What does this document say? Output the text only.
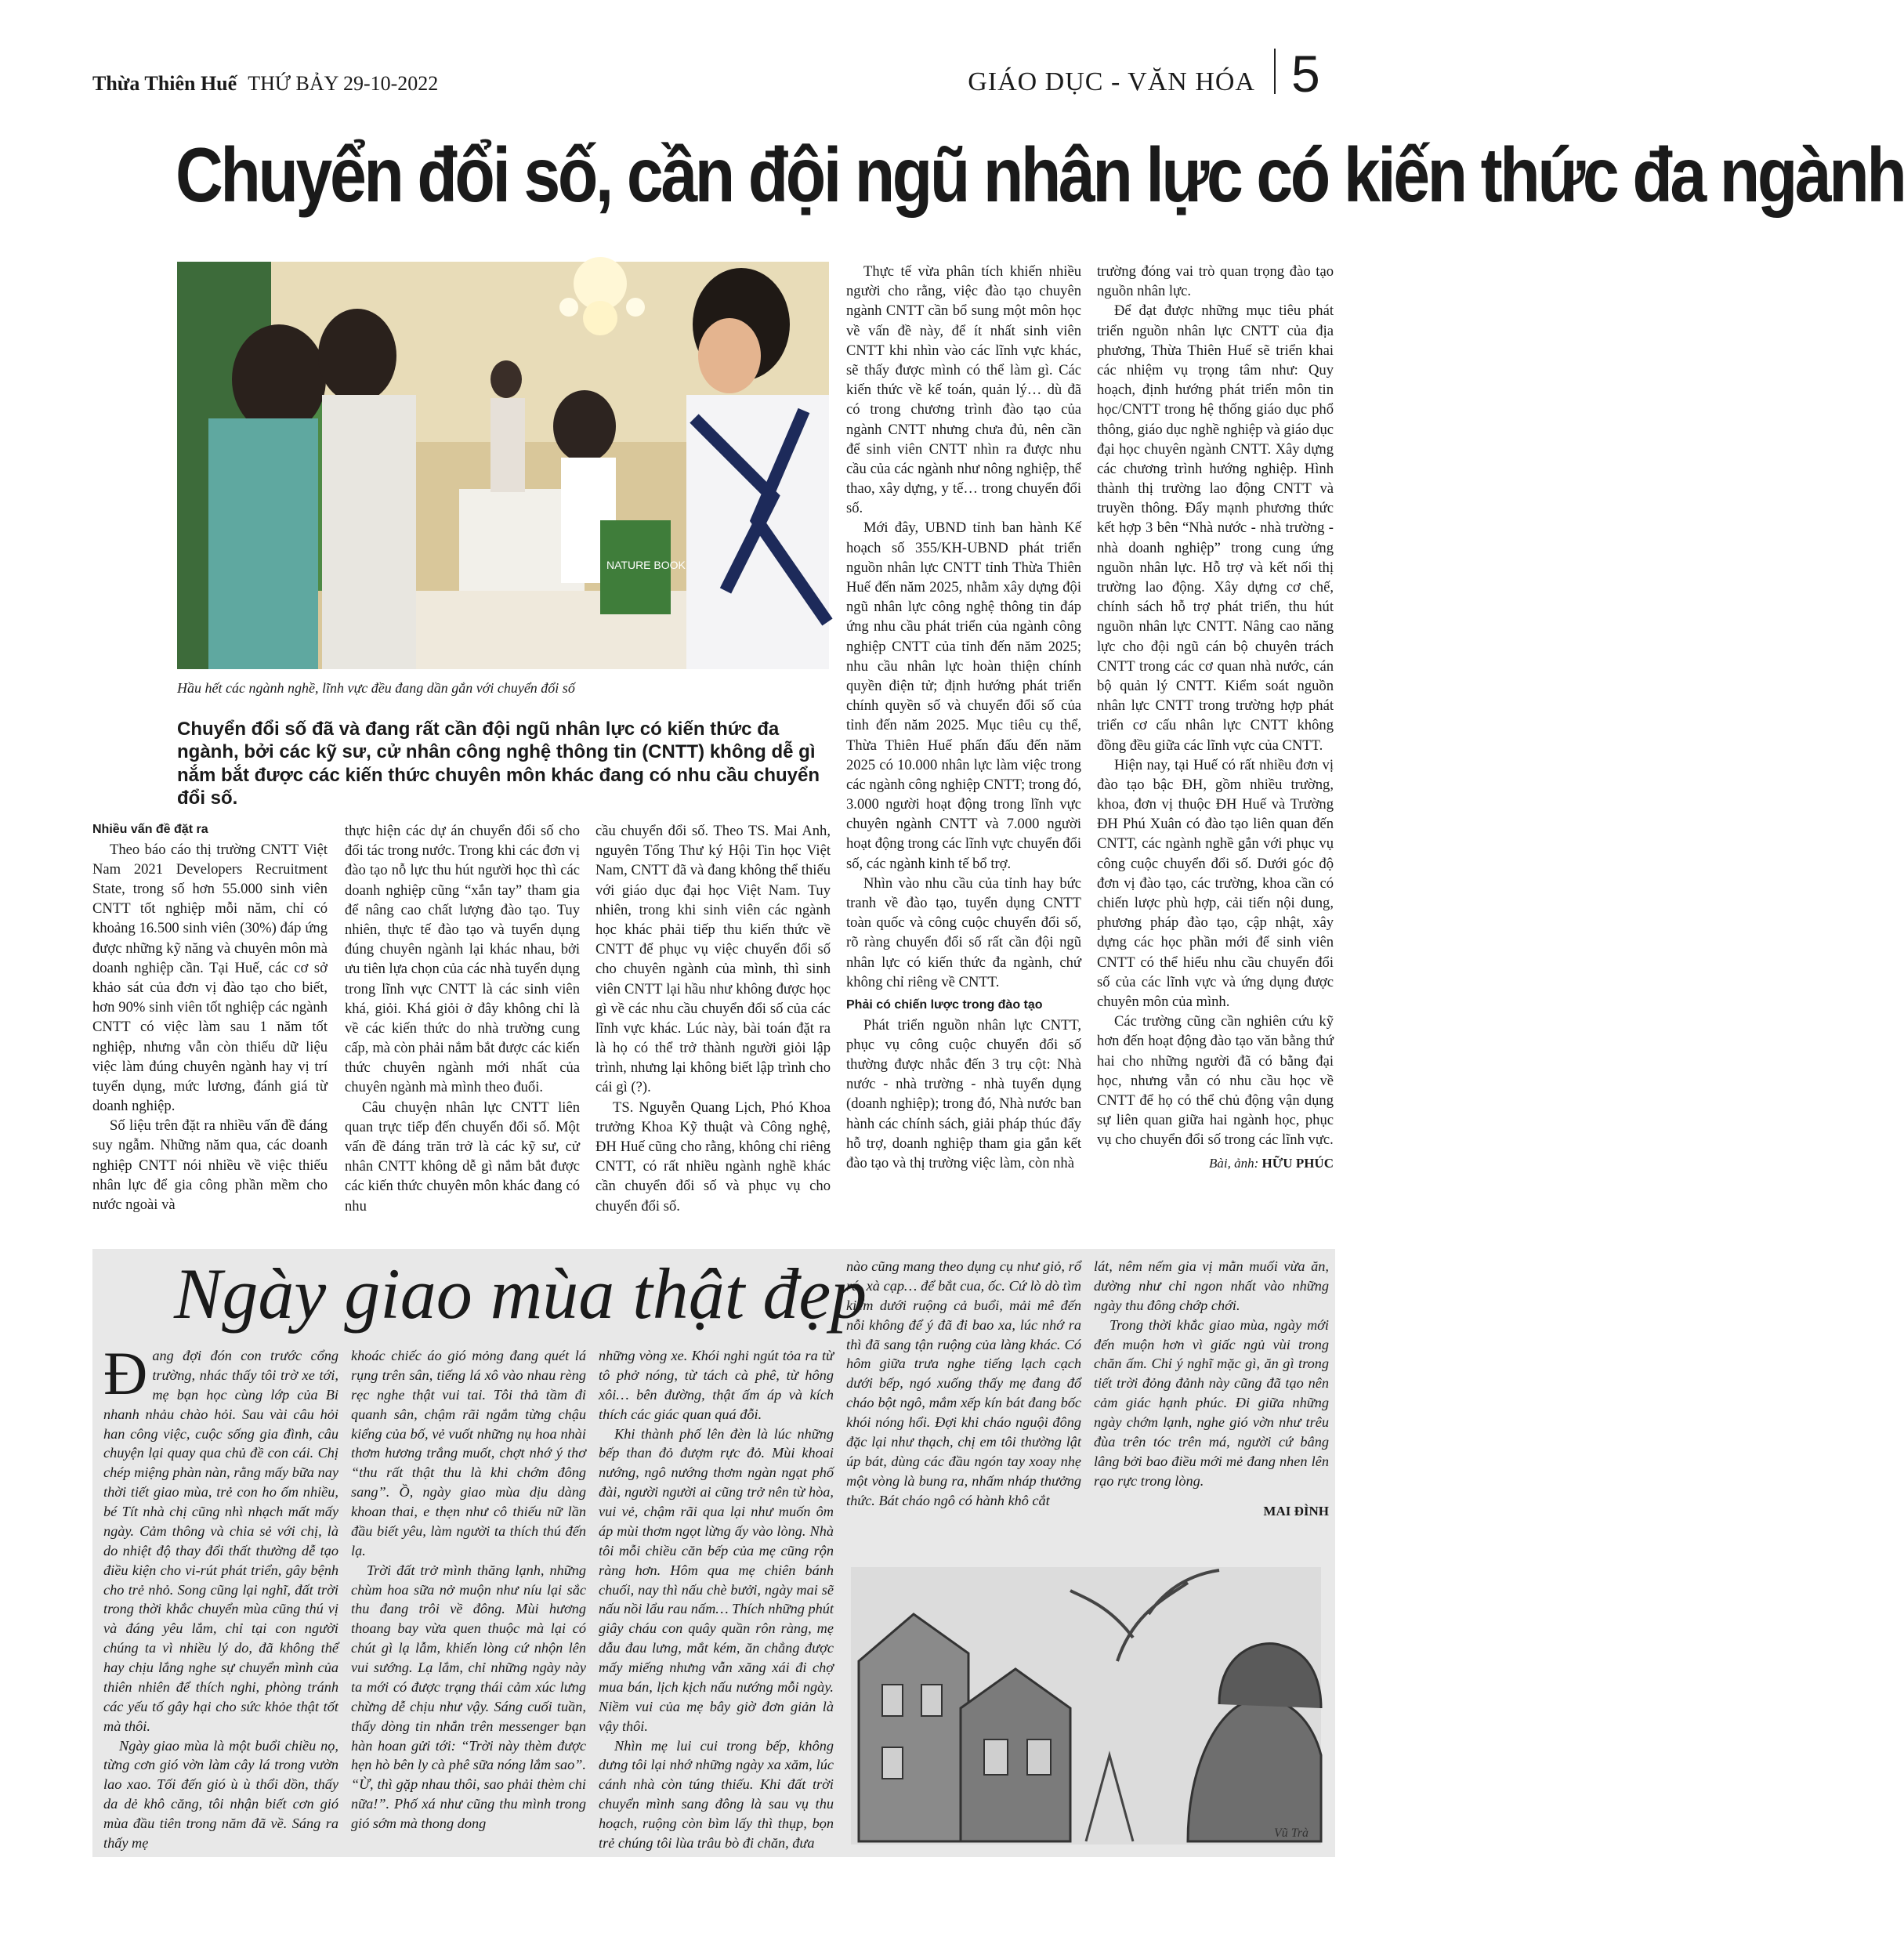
Thừa Thiên Huế THỨ BẢY 29-10-2022	GIÁO DỤC - VĂN HÓA 5
Chuyển đổi số, cần đội ngũ nhân lực có kiến thức đa ngành
NATURE BOOK
Hầu hết các ngành nghề, lĩnh vực đều đang dần gắn với chuyển đổi số
Chuyển đổi số đã và đang rất cần đội ngũ nhân lực có kiến thức đa ngành, bởi các kỹ sư, cử nhân công nghệ thông tin (CNTT) không dễ gì nắm bắt được các kiến thức chuyên môn khác đang có nhu cầu chuyển đổi số.
Nhiều vấn đề đặt ra

Theo báo cáo thị trường CNTT Việt Nam 2021 Developers Recruitment State, trong số hơn 55.000 sinh viên CNTT tốt nghiệp mỗi năm, chỉ có khoảng 16.500 sinh viên (30%) đáp ứng được những kỹ năng và chuyên môn mà doanh nghiệp cần. Tại Huế, các cơ sở khảo sát của đơn vị đào tạo cho biết, hơn 90% sinh viên tốt nghiệp các ngành CNTT có việc làm sau 1 năm tốt nghiệp, nhưng vẫn còn thiếu dữ liệu việc làm đúng chuyên ngành hay vị trí tuyển dụng, mức lương, đánh giá từ doanh nghiệp.

Số liệu trên đặt ra nhiều vấn đề đáng suy ngẫm. Những năm qua, các doanh nghiệp CNTT nói nhiều về việc thiếu nhân lực để gia công phần mềm cho nước ngoài và

thực hiện các dự án chuyển đổi số cho đối tác trong nước. Trong khi các đơn vị đào tạo nỗ lực thu hút người học thì các doanh nghiệp cũng “xắn tay” tham gia để nâng cao chất lượng đào tạo. Tuy nhiên, thực tế đào tạo và tuyển dụng đúng chuyên ngành lại khác nhau, bởi ưu tiên lựa chọn của các nhà tuyển dụng trong lĩnh vực CNTT là các sinh viên khá, giỏi. Khá giỏi ở đây không chỉ là về các kiến thức do nhà trường cung cấp, mà còn phải nắm bắt được các kiến thức chuyên ngành mới nhất của chuyên ngành mà mình theo đuổi.

Câu chuyện nhân lực CNTT liên quan trực tiếp đến chuyển đổi số. Một vấn đề đáng trăn trở là các kỹ sư, cử nhân CNTT không dễ gì nắm bắt được các kiến thức chuyên môn khác đang có nhu

cầu chuyển đổi số. Theo TS. Mai Anh, nguyên Tổng Thư ký Hội Tin học Việt Nam, CNTT đã và đang không thể thiếu với giáo dục đại học Việt Nam. Tuy nhiên, trong khi sinh viên các ngành học khác phải tiếp thu kiến thức về CNTT để phục vụ việc chuyển đổi số cho chuyên ngành của mình, thì sinh viên CNTT lại hầu như không được học gì về các nhu cầu chuyển đổi số của các lĩnh vực khác. Lúc này, bài toán đặt ra là họ có thể trở thành người giỏi lập trình, nhưng lại không biết lập trình cho cái gì (?).

TS. Nguyễn Quang Lịch, Phó Khoa trưởng Khoa Kỹ thuật và Công nghệ, ĐH Huế cũng cho rằng, không chỉ riêng CNTT, có rất nhiều ngành nghề khác cần chuyển đổi số và phục vụ cho chuyển đổi số.

Thực tế vừa phân tích khiến nhiều người cho rằng, việc đào tạo chuyên ngành CNTT cần bổ sung một môn học về vấn đề này, để ít nhất sinh viên CNTT khi nhìn vào các lĩnh vực khác, sẽ thấy được mình có thể làm gì. Các kiến thức về kế toán, quản lý… dù đã có trong chương trình đào tạo của ngành CNTT nhưng chưa đủ, nên cần để sinh viên CNTT nhìn ra được nhu cầu của các ngành như nông nghiệp, thể thao, xây dựng, y tế… trong chuyển đổi số.

Mới đây, UBND tỉnh ban hành Kế hoạch số 355/KH-UBND phát triển nguồn nhân lực CNTT tỉnh Thừa Thiên Huế đến năm 2025, nhằm xây dựng đội ngũ nhân lực công nghệ thông tin đáp ứng nhu cầu phát triển của ngành công nghiệp CNTT của tỉnh đến năm 2025; nhu cầu nhân lực hoàn thiện chính quyền điện tử; định hướng phát triển chính quyền số và chuyển đổi số của tỉnh đến năm 2025. Mục tiêu cụ thể, Thừa Thiên Huế phấn đấu đến năm 2025 có 10.000 nhân lực làm việc trong các ngành công nghiệp CNTT; trong đó, 3.000 người hoạt động trong lĩnh vực chuyên ngành CNTT và 7.000 người hoạt động trong các lĩnh vực chuyển đổi số, các ngành kinh tế bổ trợ.

Nhìn vào nhu cầu của tỉnh hay bức tranh về đào tạo, tuyển dụng CNTT toàn quốc và công cuộc chuyển đổi số, rõ ràng chuyển đổi số rất cần đội ngũ nhân lực có kiến thức đa ngành, chứ không chỉ riêng về CNTT.

Phải có chiến lược trong đào tạo

Phát triển nguồn nhân lực CNTT, phục vụ công cuộc chuyển đổi số thường được nhắc đến 3 trụ cột: Nhà nước - nhà trường - nhà tuyển dụng (doanh nghiệp); trong đó, Nhà nước ban hành các chính sách, giải pháp thúc đẩy hỗ trợ, doanh nghiệp tham gia gắn kết đào tạo và thị trường việc làm, còn nhà

trường đóng vai trò quan trọng đào tạo nguồn nhân lực.

Để đạt được những mục tiêu phát triển nguồn nhân lực CNTT của địa phương, Thừa Thiên Huế sẽ triển khai các nhiệm vụ trọng tâm như: Quy hoạch, định hướng phát triển môn tin học/CNTT trong hệ thống giáo dục phổ thông, giáo dục nghề nghiệp và giáo dục đại học chuyên ngành CNTT. Xây dựng các chương trình hướng nghiệp. Hình thành thị trường lao động CNTT và truyền thông. Đẩy mạnh phương thức kết hợp 3 bên “Nhà nước - nhà trường - nhà doanh nghiệp” trong cung ứng nguồn nhân lực. Hỗ trợ và kết nối thị trường lao động. Xây dựng cơ chế, chính sách hỗ trợ phát triển, thu hút nguồn nhân lực CNTT. Nâng cao năng lực cho đội ngũ cán bộ chuyên trách CNTT trong các cơ quan nhà nước, cán bộ quản lý CNTT. Kiểm soát nguồn nhân lực CNTT trong trường hợp phát triển cơ cấu nhân lực CNTT không đồng đều giữa các lĩnh vực của CNTT.

Hiện nay, tại Huế có rất nhiều đơn vị đào tạo bậc ĐH, gồm nhiều trường, khoa, đơn vị thuộc ĐH Huế và Trường ĐH Phú Xuân có đào tạo liên quan đến CNTT, các ngành nghề gắn với phục vụ công cuộc chuyển đổi số. Dưới góc độ đơn vị đào tạo, các trường, khoa cần có chiến lược phù hợp, cải tiến nội dung, phương pháp đào tạo, cập nhật, xây dựng các học phần mới để sinh viên CNTT có thể hiểu nhu cầu chuyển đổi số của các lĩnh vực và ứng dụng được chuyên môn của mình.

Các trường cũng cần nghiên cứu kỹ hơn đến hoạt động đào tạo văn bằng thứ hai cho những người đã có bằng đại học, nhưng vẫn có nhu cầu học về CNTT để họ có thể chủ động vận dụng sự liên quan giữa hai ngành học, phục vụ cho chuyển đổi số trong các lĩnh vực.

Bài, ảnh: HỮU PHÚC
Ngày giao mùa thật đẹp

Đang đợi đón con trước cổng trường, nhác thấy tôi trờ xe tới, mẹ bạn học cùng lớp của Bi nhanh nhảu chào hỏi. Sau vài câu hỏi han công việc, cuộc sống gia đình, câu chuyện lại quay qua chủ đề con cái. Chị chép miệng phàn nàn, rằng mấy bữa nay thời tiết giao mùa, trẻ con ho ốm nhiều, bé Tít nhà chị cũng nhì nhạch mất mấy ngày. Cảm thông và chia sẻ với chị, là do nhiệt độ thay đổi thất thường dễ tạo điều kiện cho vi-rút phát triển, gây bệnh cho trẻ nhỏ. Song cũng lại nghĩ, đất trời trong thời khắc chuyển mùa cũng thú vị và đáng yêu lắm, chỉ tại con người chúng ta vì nhiều lý do, đã không thể hay chịu lắng nghe sự chuyển mình của thiên nhiên để thích nghi, phòng tránh các yếu tố gây hại cho sức khỏe thật tốt mà thôi.

Ngày giao mùa là một buổi chiều nọ, từng cơn gió vờn làm cây lá trong vườn lao xao. Tối đến gió ù ù thổi dồn, thấy da dẻ khô căng, tôi nhận biết cơn gió mùa đầu tiên trong năm đã về. Sáng ra thấy mẹ

khoác chiếc áo gió mỏng đang quét lá rụng trên sân, tiếng lá xô vào nhau rèng rẹc nghe thật vui tai. Tôi thả tầm đi quanh sân, chậm rãi ngắm từng chậu kiểng của bố, vẻ vuốt những nụ hoa nhài thơm hương trắng muốt, chợt nhớ ý thơ “thu rất thật thu là khi chớm đông sang”. Ồ, ngày giao mùa dịu dàng khoan thai, e thẹn như cô thiếu nữ lần đầu biết yêu, làm người ta thích thú đến lạ.

Trời đất trở mình thăng lạnh, những chùm hoa sữa nở muộn như níu lại sắc thu đang trôi về đông. Mùi hương thoang bay vừa quen thuộc mà lại có chút gì lạ lẫm, khiến lòng cứ nhộn lên vui sướng. Lạ lắm, chỉ những ngày này ta mới có được trạng thái cảm xúc lưng chừng dễ chịu như vậy. Sáng cuối tuần, thấy dòng tin nhắn trên messenger bạn hàn hoan gửi tới: “Trời này thèm được hẹn hò bên ly cà phê sữa nóng lắm sao”. “Ừ, thì gặp nhau thôi, sao phải thèm chi nữa!”. Phố xá như cũng thu mình trong gió sớm mà thong dong

những vòng xe. Khói nghi ngút tỏa ra từ tô phở nóng, từ tách cà phê, từ hông xôi… bên đường, thật ấm áp và kích thích các giác quan quá đỗi.

Khi thành phố lên đèn là lúc những bếp than đỏ đượm rực đỏ. Mùi khoai nướng, ngô nướng thơm ngàn ngạt phố đài, người người ai cũng trở nên từ hòa, vui vẻ, chậm rãi qua lại như muốn ôm áp mùi thơm ngọt lừng ấy vào lòng. Nhà tôi mỗi chiều căn bếp của mẹ cũng rộn ràng hơn. Hôm qua mẹ chiên bánh chuối, nay thì nấu chè bưởi, ngày mai sẽ nấu nồi lẩu rau nấm… Thích những phút giây cháu con quây quần rôn ràng, mẹ dẫu đau lưng, mắt kém, ăn chẳng được mấy miếng nhưng vẫn xăng xái đi chợ mua bán, lịch kịch nấu nướng mỗi ngày. Niềm vui của mẹ bây giờ đơn giản là vậy thôi.

Nhìn mẹ lui cui trong bếp, không dưng tôi lại nhớ những ngày xa xăm, lúc cánh nhà còn túng thiếu. Khi đất trời chuyển mình sang đông là sau vụ thu hoạch, ruộng còn bìm lấy thì thụp, bọn trẻ chúng tôi lùa trâu bò đi chăn, đưa

nào cũng mang theo dụng cụ như giỏ, rổ rá, xà cạp… để bắt cua, ốc. Cứ lò dò tìm kiếm dưới ruộng cả buổi, mải mê đến nỗi không để ý đã đi bao xa, lúc nhớ ra thì đã sang tận ruộng của làng khác. Có hôm giữa trưa nghe tiếng lạch cạch dưới bếp, ngó xuống thấy mẹ đang đổ cháo bột ngô, mắm xếp kín bát đang bốc khói nóng hổi. Đợi khi cháo nguội đông đặc lại như thạch, chị em tôi thường lật úp bát, dùng các đầu ngón tay xoay nhẹ một vòng là bung ra, nhấm nháp thưởng thức. Bát cháo ngô có hành khô cắt

lát, nêm nếm gia vị mằn muối vừa ăn, dường như chỉ ngon nhất vào những ngày thu đông chớp chới.

Trong thời khắc giao mùa, ngày mới đến muộn hơn vì giấc ngủ vùi trong chăn ấm. Chỉ ý nghĩ mặc gì, ăn gì trong tiết trời đỏng đảnh này cũng đã tạo nên cảm giác hạnh phúc. Đi giữa những ngày chớm lạnh, nghe gió vờn như trêu đùa trên tóc trên má, người cứ bâng lâng bởi bao điều mới mẻ đang nhen lên rạo rực trong lòng.

MAI ĐÌNH
Vũ Trà
